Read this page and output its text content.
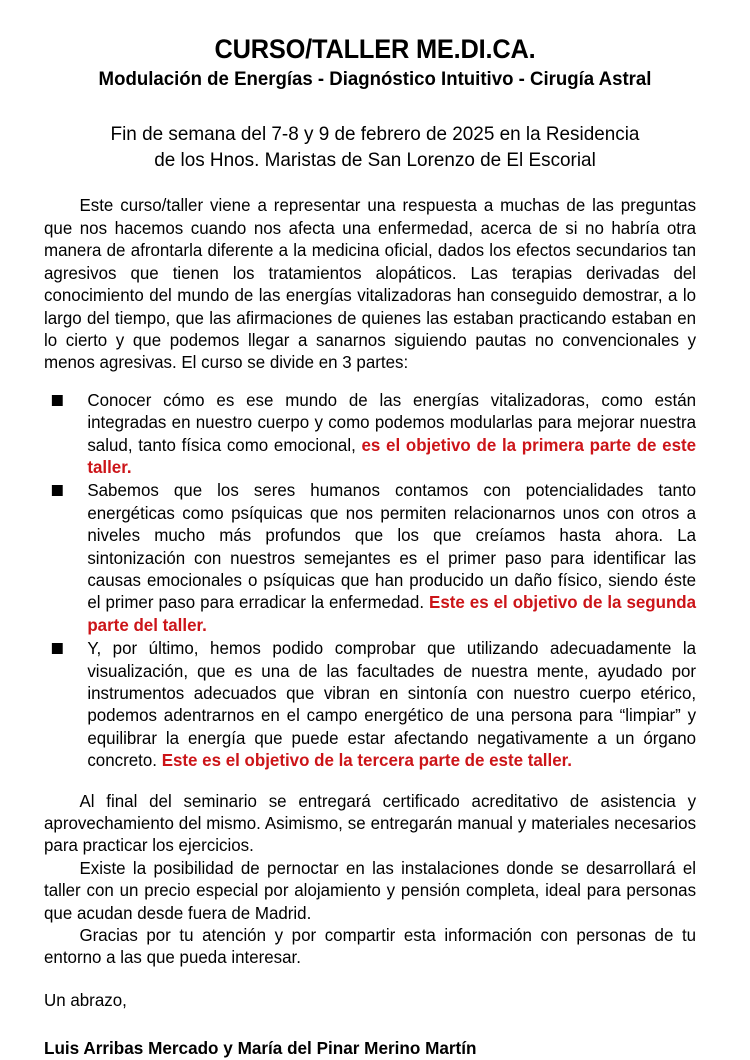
CURSO/TALLER ME.DI.CA.
Modulación de Energías - Diagnóstico Intuitivo - Cirugía Astral
Fin de semana del 7-8 y 9 de febrero de 2025 en la Residencia
de los Hnos. Maristas de San Lorenzo de El Escorial

Este curso/taller viene a representar una respuesta a muchas de las preguntas que nos hacemos cuando nos afecta una enfermedad, acerca de si no habría otra manera de afrontarla diferente a la medicina oficial, dados los efectos secundarios tan agresivos que tienen los tratamientos alopáticos. Las terapias derivadas del conocimiento del mundo de las energías vitalizadoras han conseguido demostrar, a lo largo del tiempo, que las afirmaciones de quienes las estaban practicando estaban en lo cierto y que podemos llegar a sanarnos siguiendo pautas no convencionales y menos agresivas. El curso se divide en 3 partes:

Conocer cómo es ese mundo de las energías vitalizadoras, como están integradas en nuestro cuerpo y como podemos modularlas para mejorar nuestra salud, tanto física como emocional, es el objetivo de la primera parte de este taller.
Sabemos que los seres humanos contamos con potencialidades tanto energéticas como psíquicas que nos permiten relacionarnos unos con otros a niveles mucho más profundos que los que creíamos hasta ahora. La sintonización con nuestros semejantes es el primer paso para identificar las causas emocionales o psíquicas que han producido un daño físico, siendo éste el primer paso para erradicar la enfermedad. Este es el objetivo de la segunda parte del taller.
Y, por último, hemos podido comprobar que utilizando adecuadamente la visualización, que es una de las facultades de nuestra mente, ayudado por instrumentos adecuados que vibran en sintonía con nuestro cuerpo etérico, podemos adentrarnos en el campo energético de una persona para “limpiar” y equilibrar la energía que puede estar afectando negativamente a un órgano concreto. Este es el objetivo de la tercera parte de este taller.

Al final del seminario se entregará certificado acreditativo de asistencia y aprovechamiento del mismo. Asimismo, se entregarán manual y materiales necesarios para practicar los ejercicios.

Existe la posibilidad de pernoctar en las instalaciones donde se desarrollará el taller con un precio especial por alojamiento y pensión completa, ideal para personas que acudan desde fuera de Madrid.

Gracias por tu atención y por compartir esta información con personas de tu entorno a las que pueda interesar.

Un abrazo,
Luis Arribas Mercado y María del Pinar Merino Martín
